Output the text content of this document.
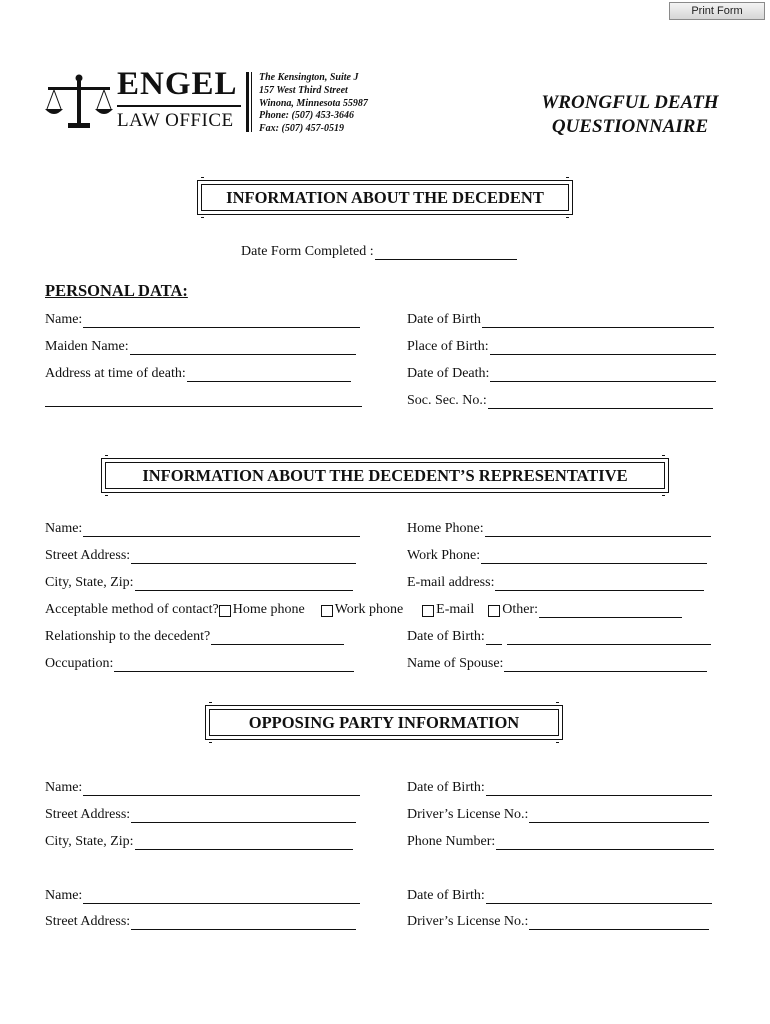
Print Form
ENGEL
LAW OFFICE
The Kensington, Suite J
157 West Third Street
Winona, Minnesota 55987
Phone: (507) 453-3646
Fax: (507) 457-0519
WRONGFUL DEATH
QUESTIONNAIRE
INFORMATION ABOUT THE DECEDENT
Date Form Completed :
PERSONAL DATA:
Name:
Maiden Name:
Address at time of death:
Date of Birth
Place of Birth:
Date of Death:
Soc. Sec. No.:
INFORMATION ABOUT THE DECEDENT’S REPRESENTATIVE
Name:
Street Address:
City, State, Zip:
Acceptable method of contact? Home phone Work phone E-mail Other:
Relationship to the decedent?
Occupation:
Home Phone:
Work Phone:
E-mail address:
Date of Birth:
Name of Spouse:
OPPOSING PARTY INFORMATION
Name:
Street Address:
City, State, Zip:
Date of Birth:
Driver’s License No.:
Phone Number:
Name:
Street Address:
Date of Birth:
Driver’s License No.:
